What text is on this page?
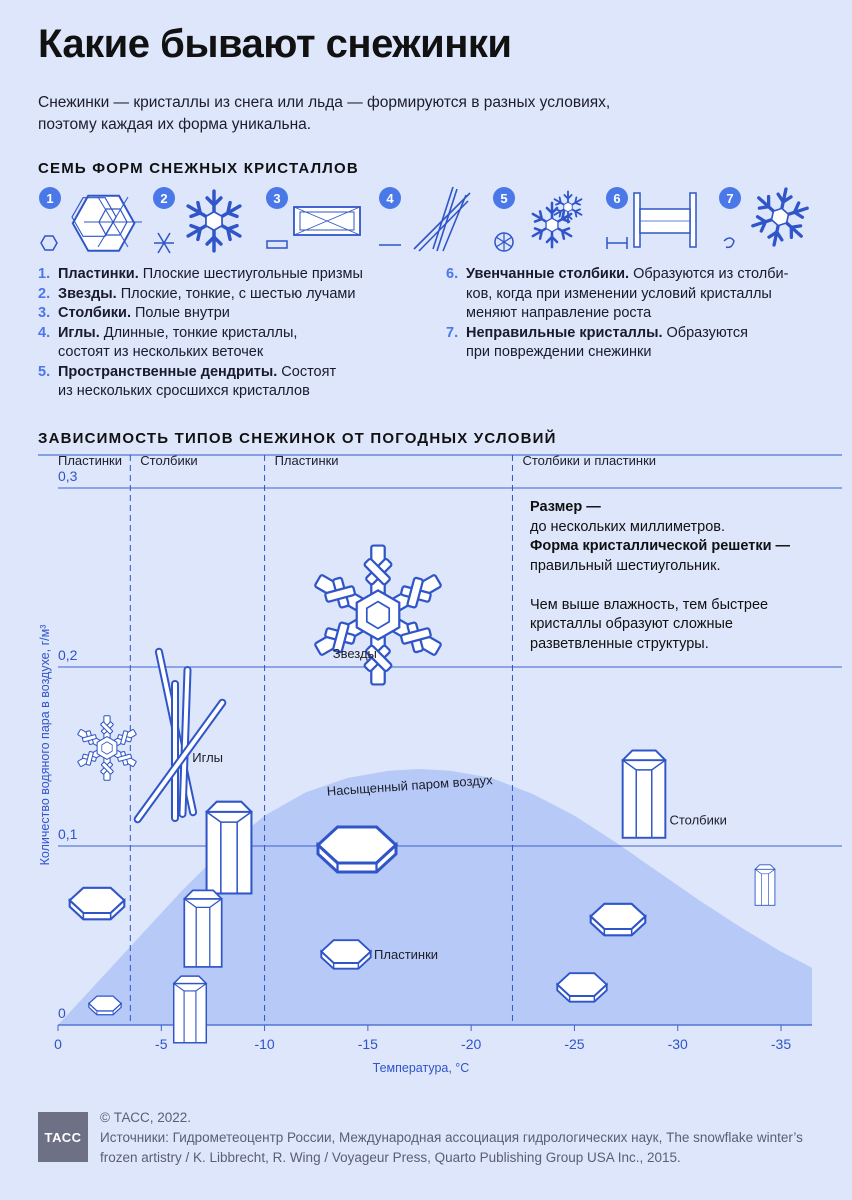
Какие бывают снежинки
Снежинки — кристаллы из снега или льда — формируются в разных условиях, поэтому каждая их форма уникальна.
СЕМЬ ФОРМ СНЕЖНЫХ КРИСТАЛЛОВ
1	2	3	4	5	6	7
1. Пластинки. Плоские шестиугольные призмы
2. Звезды. Плоские, тонкие, с шестью лучами
3. Столбики. Полые внутри
4. Иглы. Длинные, тонкие кристаллы,
состоят из нескольких веточек
5. Пространственные дендриты. Состоят
из нескольких сросшихся кристаллов
6. Увенчанные столбики. Образуются из столби-
ков, когда при изменении условий кристаллы
меняют направление роста
7. Неправильные кристаллы. Образуются
при повреждении снежинки
ЗАВИСИМОСТЬ ТИПОВ СНЕЖИНОК ОТ ПОГОДНЫХ УСЛОВИЙ
0
0,1
0,2
0,3
Пластинки Столбики	Пластинки	Столбики и пластинки
0	-5	-10	-15	-20	-25	-30	-35
Температура, °C
Количество водяного пара в воздухе, г/м³	Насыщенный паром воздух
Звезды
Иглы
Пластинки
Столбики
Размер —
до нескольких миллиметров.
Форма кристаллической решетки —
правильный шестиугольник.

Чем выше влажность, тем быстрее кристаллы образуют сложные разветвленные структуры.
ТАСС
© ТАСС, 2022.
Источники: Гидрометеоцентр России, Международная ассоциация гидрологических наук, The snowflake winter’s frozen artistry / K. Libbrecht, R. Wing / Voyageur Press, Quarto Publishing Group USA Inc., 2015.
